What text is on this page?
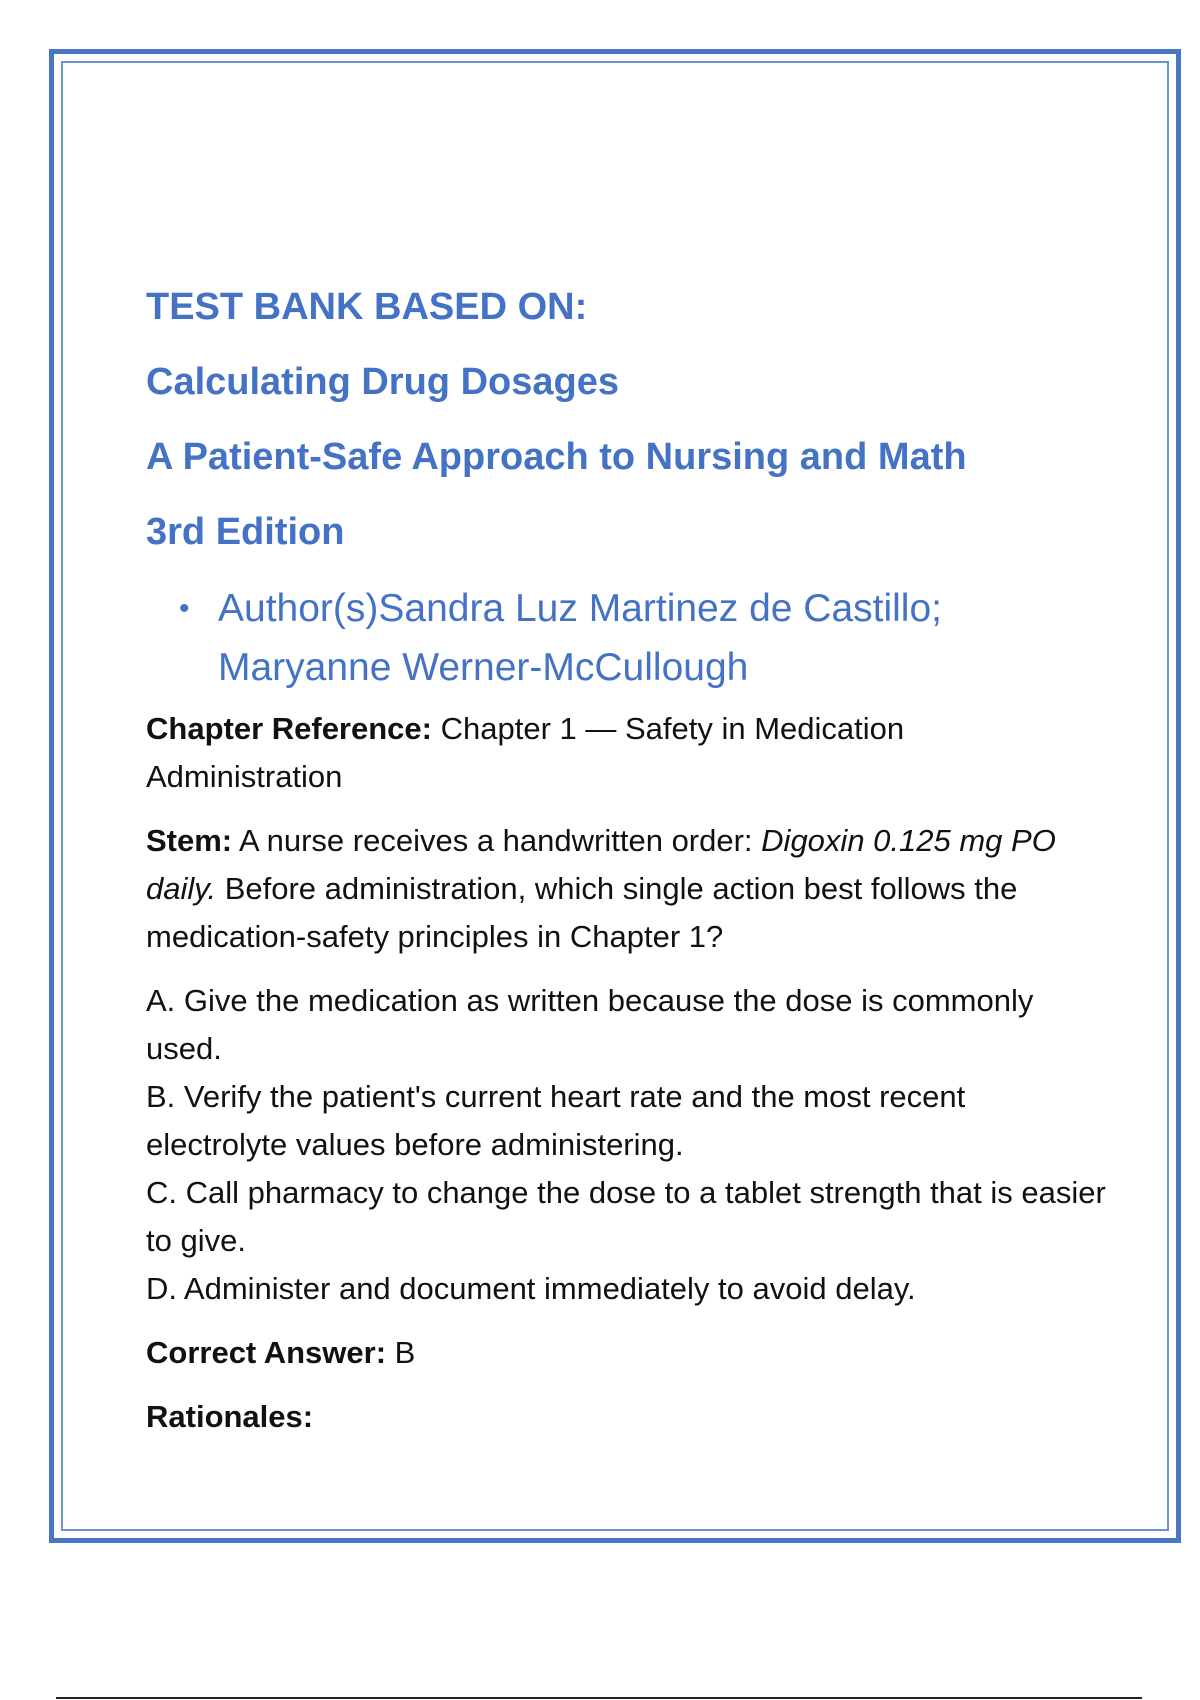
TEST BANK BASED ON:
Calculating Drug Dosages
A Patient-Safe Approach to Nursing and Math
3rd Edition
• Author(s)Sandra Luz Martinez de Castillo;
Maryanne Werner-McCullough

Chapter Reference: Chapter 1 — Safety in Medication Administration

Stem: A nurse receives a handwritten order: Digoxin 0.125 mg PO daily. Before administration, which single action best follows the medication-safety principles in Chapter 1?

A. Give the medication as written because the dose is commonly used.
B. Verify the patient's current heart rate and the most recent electrolyte values before administering.
C. Call pharmacy to change the dose to a tablet strength that is easier to give.
D. Administer and document immediately to avoid delay.

Correct Answer: B

Rationales:
